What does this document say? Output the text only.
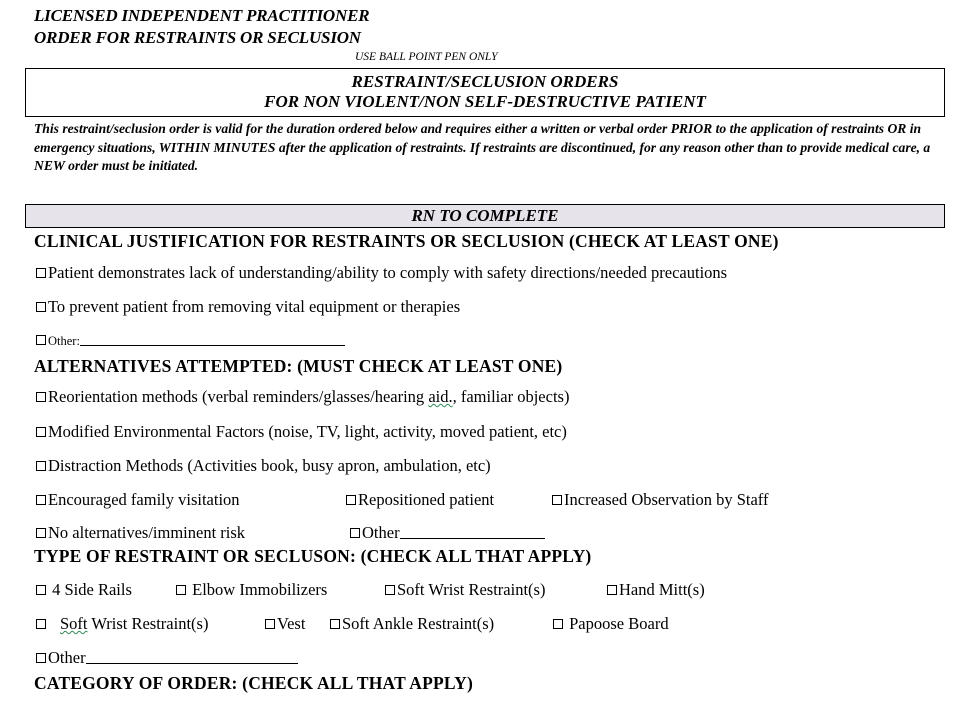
LICENSED INDEPENDENT PRACTITIONER
ORDER FOR RESTRAINTS OR SECLUSION
USE BALL POINT PEN ONLY
RESTRAINT/SECLUSION ORDERS
FOR NON VIOLENT/NON SELF-DESTRUCTIVE PATIENT
This restraint/seclusion order is valid for the duration ordered below and requires either a written or verbal order PRIOR to the application of restraints OR in emergency situations, WITHIN MINUTES after the application of restraints. If restraints are discontinued, for any reason other than to provide medical care, a NEW order must be initiated.
RN TO COMPLETE
CLINICAL JUSTIFICATION FOR RESTRAINTS OR SECLUSION (CHECK AT LEAST ONE)
Patient demonstrates lack of understanding/ability to comply with safety directions/needed precautions
To prevent patient from removing vital equipment or therapies
Other:
ALTERNATIVES ATTEMPTED: (MUST CHECK AT LEAST ONE)
Reorientation methods (verbal reminders/glasses/hearing aid., familiar objects)
Modified Environmental Factors (noise, TV, light, activity, moved patient, etc)
Distraction Methods (Activities book, busy apron, ambulation, etc)
Encouraged family visitation	Repositioned patient	Increased Observation by Staff
No alternatives/imminent risk	Other
TYPE OF RESTRAINT OR SECLUSON: (CHECK ALL THAT APPLY)
4 Side Rails	Elbow Immobilizers	Soft Wrist Restraint(s)	Hand Mitt(s)
Soft Wrist Restraint(s)	Vest	Soft Ankle Restraint(s)	Papoose Board
Other
CATEGORY OF ORDER: (CHECK ALL THAT APPLY)
